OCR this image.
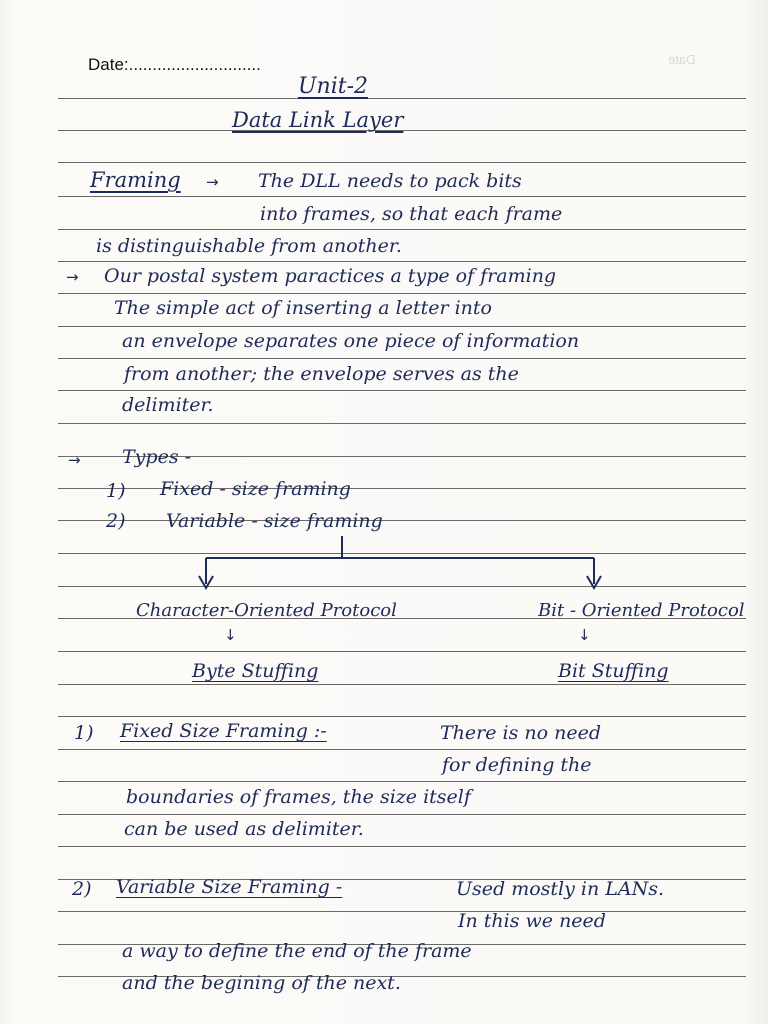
Date:............................	Date
Unit-2
Data Link Layer
Framing → The DLL needs to pack bits
into frames, so that each frame
is distinguishable from another.
→ Our postal system paractices a type of framing
The simple act of inserting a letter into
an envelope separates one piece of information
from another; the envelope serves as the
delimiter.
→ Types -
1) Fixed - size framing
2) Variable - size framing
Character-Oriented Protocol
↓
Byte Stuffing
Bit - Oriented Protocol
↓
Bit Stuffing
1) Fixed Size Framing :-	There is no need
for defining the
boundaries of frames, the size itself
can be used as delimiter.
2) Variable Size Framing -	Used mostly in LANs.
In this we need
a way to define the end of the frame
and the begining of the next.
